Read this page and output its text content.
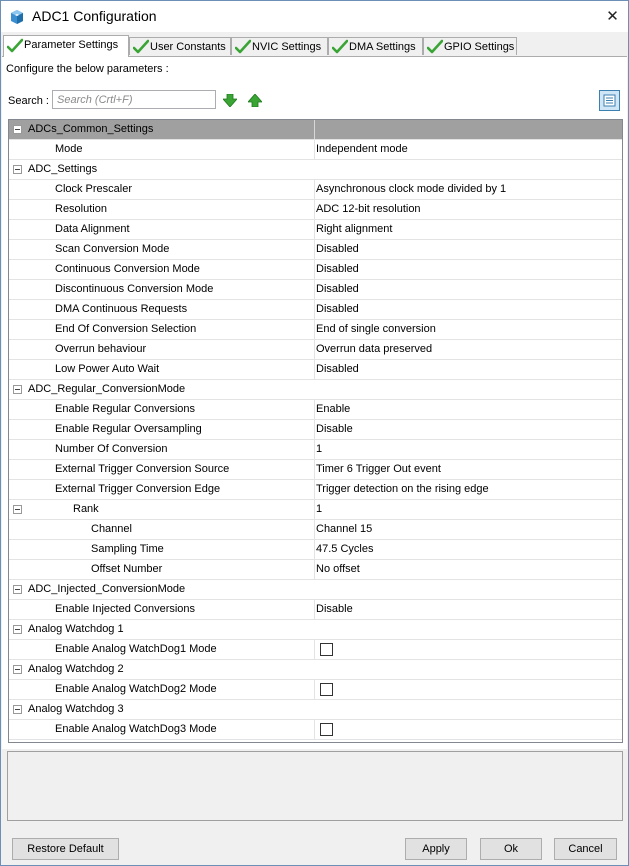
ADC1 Configuration	✕
Parameter Settings	User Constants	NVIC Settings	DMA Settings	GPIO Settings
Configure the below parameters :
Search :
Search (Crtl+F)
ADCs_Common_Settings
Mode	Independent mode
ADC_Settings
Clock Prescaler	Asynchronous clock mode divided by 1
Resolution	ADC 12-bit resolution
Data Alignment	Right alignment
Scan Conversion Mode	Disabled
Continuous Conversion Mode	Disabled
Discontinuous Conversion Mode	Disabled
DMA Continuous Requests	Disabled
End Of Conversion Selection	End of single conversion
Overrun behaviour	Overrun data preserved
Low Power Auto Wait	Disabled
ADC_Regular_ConversionMode
Enable Regular Conversions	Enable
Enable Regular Oversampling	Disable
Number Of Conversion	1
External Trigger Conversion Source	Timer 6 Trigger Out event
External Trigger Conversion Edge	Trigger detection on the rising edge
Rank	1
Channel	Channel 15
Sampling Time	47.5 Cycles
Offset Number	No offset
ADC_Injected_ConversionMode
Enable Injected Conversions	Disable
Analog Watchdog 1
Enable Analog WatchDog1 Mode
Analog Watchdog 2
Enable Analog WatchDog2 Mode
Analog Watchdog 3
Enable Analog WatchDog3 Mode
Restore Default	Apply	Ok	Cancel
